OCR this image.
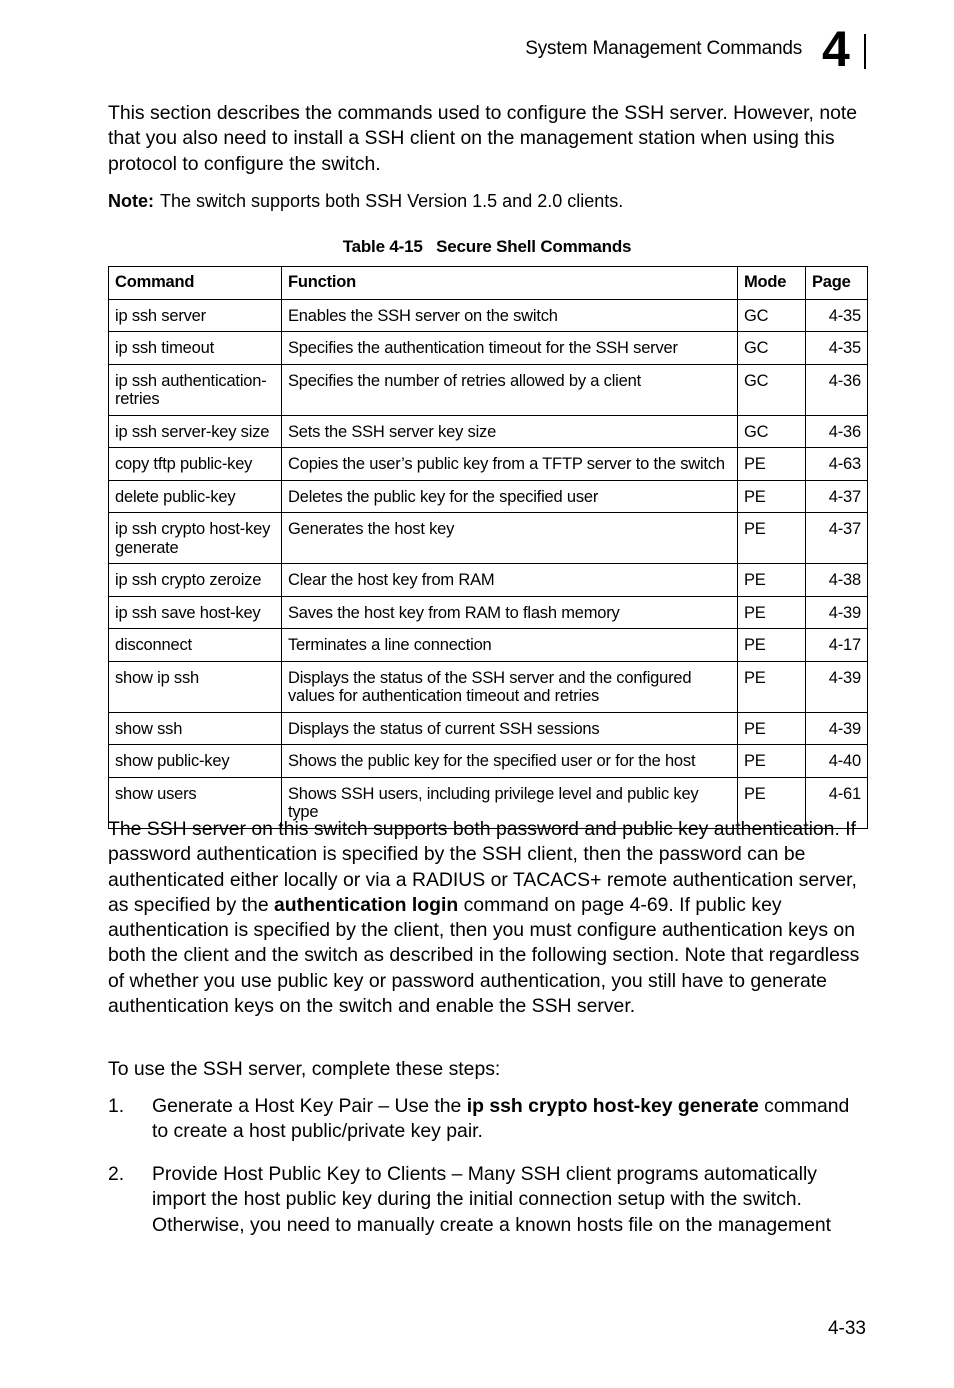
System Management Commands 4
This section describes the commands used to configure the SSH server. However, note that you also need to install a SSH client on the management station when using this protocol to configure the switch.
Note: The switch supports both SSH Version 1.5 and 2.0 clients.
Table 4-15   Secure Shell Commands
Command	Function	Mode	Page
ip ssh server	Enables the SSH server on the switch	GC	4-35
ip ssh timeout	Specifies the authentication timeout for the SSH server	GC	4-35
ip ssh authentication-retries	Specifies the number of retries allowed by a client	GC	4-36
ip ssh server-key size	Sets the SSH server key size	GC	4-36
copy tftp public-key	Copies the user’s public key from a TFTP server to the switch	PE	4-63
delete public-key	Deletes the public key for the specified user	PE	4-37
ip ssh crypto host-key generate	Generates the host key	PE	4-37
ip ssh crypto zeroize	Clear the host key from RAM	PE	4-38
ip ssh save host-key	Saves the host key from RAM to flash memory	PE	4-39
disconnect	Terminates a line connection	PE	4-17
show ip ssh	Displays the status of the SSH server and the configured values for authentication timeout and retries	PE	4-39
show ssh	Displays the status of current SSH sessions	PE	4-39
show public-key	Shows the public key for the specified user or for the host	PE	4-40
show users	Shows SSH users, including privilege level and public key type	PE	4-61
The SSH server on this switch supports both password and public key authentication. If password authentication is specified by the SSH client, then the password can be authenticated either locally or via a RADIUS or TACACS+ remote authentication server, as specified by the authentication login command on page 4-69. If public key authentication is specified by the client, then you must configure authentication keys on both the client and the switch as described in the following section. Note that regardless of whether you use public key or password authentication, you still have to generate authentication keys on the switch and enable the SSH server.
To use the SSH server, complete these steps:
1. Generate a Host Key Pair – Use the ip ssh crypto host-key generate command to create a host public/private key pair.
2. Provide Host Public Key to Clients – Many SSH client programs automatically import the host public key during the initial connection setup with the switch. Otherwise, you need to manually create a known hosts file on the management
4-33
